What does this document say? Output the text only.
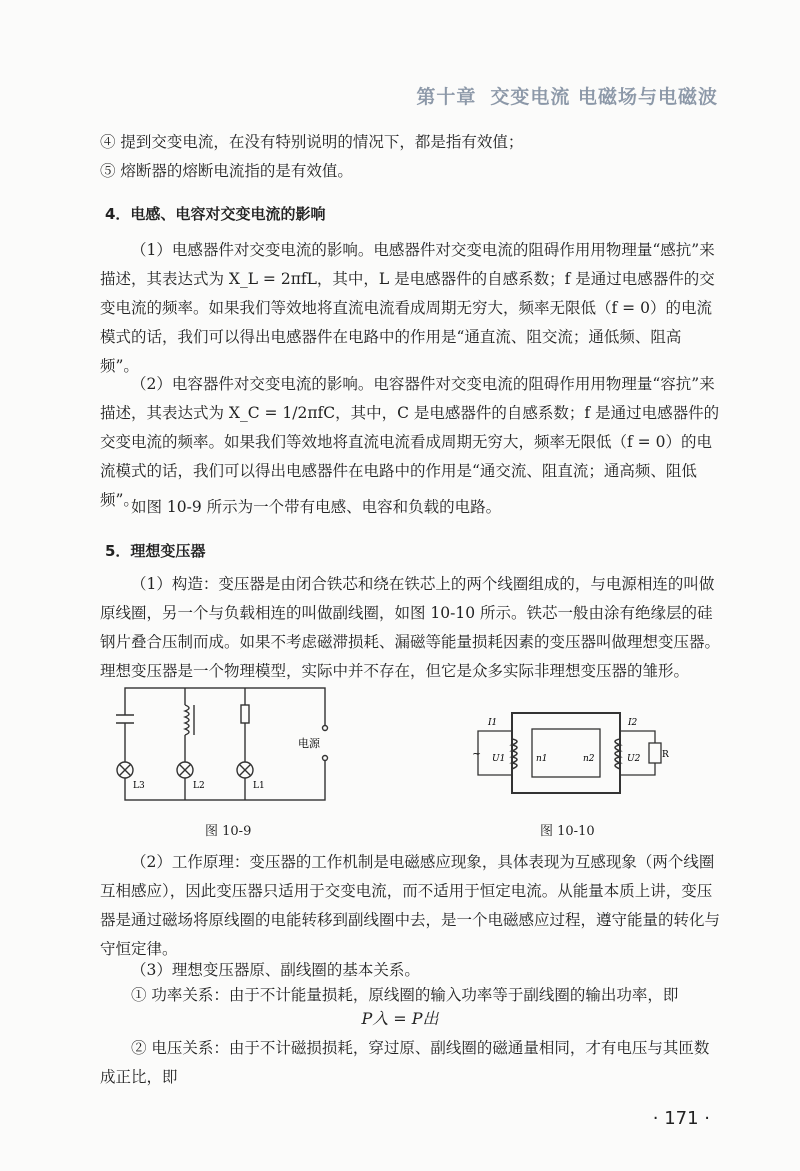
第十章 交变电流 电磁场与电磁波
④ 提到交变电流，在没有特别说明的情况下，都是指有效值；
⑤ 熔断器的熔断电流指的是有效值。
4．电感、电容对交变电流的影响
（1）电感器件对交变电流的影响。电感器件对交变电流的阻碍作用用物理量“感抗”来描述，其表达式为 X_L = 2πfL，其中，L 是电感器件的自感系数；f 是通过电感器件的交变电流的频率。如果我们等效地将直流电流看成周期无穷大，频率无限低（f = 0）的电流模式的话，我们可以得出电感器件在电路中的作用是“通直流、阻交流；通低频、阻高频”。
（2）电容器件对交变电流的影响。电容器件对交变电流的阻碍作用用物理量“容抗”来描述，其表达式为 X_C = 1/2πfC，其中，C 是电感器件的自感系数；f 是通过电感器件的交变电流的频率。如果我们等效地将直流电流看成周期无穷大，频率无限低（f = 0）的电流模式的话，我们可以得出电感器件在电路中的作用是“通交流、阻直流；通高频、阻低频”。
如图 10-9 所示为一个带有电感、电容和负载的电路。
5．理想变压器
（1）构造：变压器是由闭合铁芯和绕在铁芯上的两个线圈组成的，与电源相连的叫做原线圈，另一个与负载相连的叫做副线圈，如图 10-10 所示。铁芯一般由涂有绝缘层的硅钢片叠合压制而成。如果不考虑磁滞损耗、漏磁等能量损耗因素的变压器叫做理想变压器。理想变压器是一个物理模型，实际中并不存在，但它是众多实际非理想变压器的雏形。
电源
L3	L2	L1
图 10-9
~
I1	I2
U1	U2
n1	n2	R
图 10-10
（2）工作原理：变压器的工作机制是电磁感应现象，具体表现为互感现象（两个线圈互相感应），因此变压器只适用于交变电流，而不适用于恒定电流。从能量本质上讲，变压器是通过磁场将原线圈的电能转移到副线圈中去，是一个电磁感应过程，遵守能量的转化与守恒定律。
（3）理想变压器原、副线圈的基本关系。
① 功率关系：由于不计能量损耗，原线圈的输入功率等于副线圈的输出功率，即
P入 = P出
② 电压关系：由于不计磁损损耗，穿过原、副线圈的磁通量相同，才有电压与其匝数成正比，即
· 171 ·
